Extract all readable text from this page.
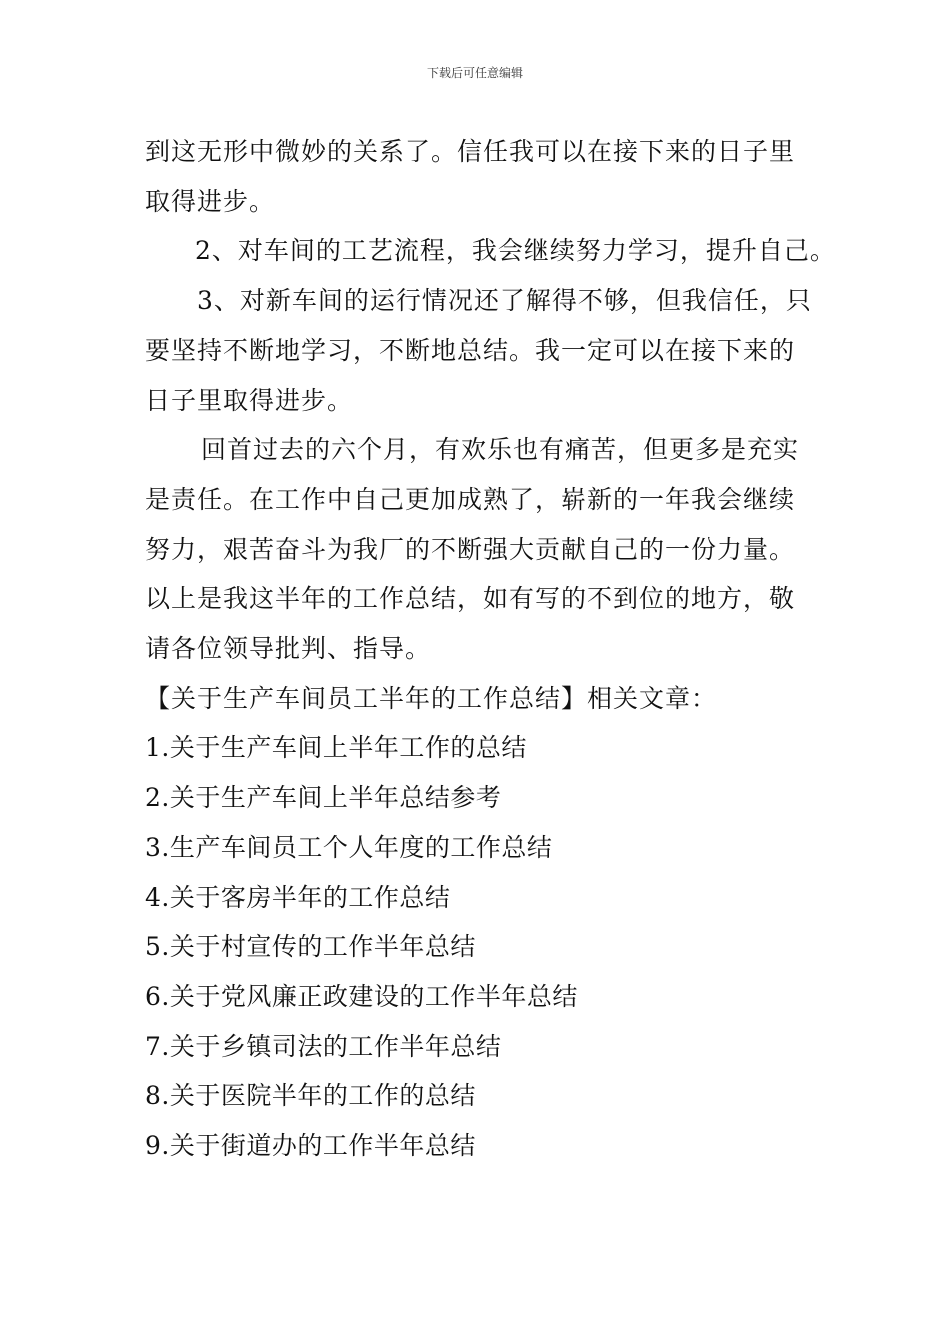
下载后可任意编辑
到这无形中微妙的关系了。信任我可以在接下来的日子里
取得进步。
2、对车间的工艺流程，我会继续努力学习，提升自己。
3、对新车间的运行情况还了解得不够，但我信任，只
要坚持不断地学习，不断地总结。我一定可以在接下来的
日子里取得进步。
回首过去的六个月，有欢乐也有痛苦，但更多是充实
是责任。在工作中自己更加成熟了，崭新的一年我会继续
努力，艰苦奋斗为我厂的不断强大贡献自己的一份力量。
以上是我这半年的工作总结，如有写的不到位的地方，敬
请各位领导批判、指导。
【关于生产车间员工半年的工作总结】相关文章：
1.关于生产车间上半年工作的总结
2.关于生产车间上半年总结参考
3.生产车间员工个人年度的工作总结
4.关于客房半年的工作总结
5.关于村宣传的工作半年总结
6.关于党风廉正政建设的工作半年总结
7.关于乡镇司法的工作半年总结
8.关于医院半年的工作的总结
9.关于街道办的工作半年总结
